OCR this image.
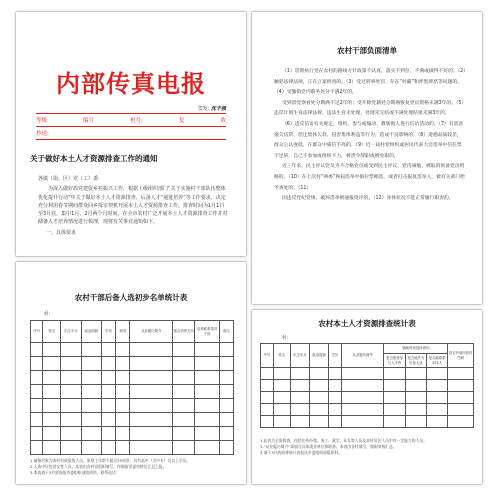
内部传真电报
签发: 沈丰强
等级	编号	机号:	复	收
抄送:
关于做好本土人才资源排查工作的通知
各镇（街、区）党（工）委:
为深入做好抓党建促乡村振兴工作，根据上级组织部门“关于实施村干部队伍整体优化提升行动”中关于做好本土人才资源排查、后备人才“递进培养”等工作要求，决定充分利用春节期间群众回乡探亲契机开展本土人才资源排查工作。排查时间为1月1日至3月底，集中1月、2月两个月时间，在全市农村广泛开展本土人才资源排查工作并对储备人才培养情况进行梳理，现将有关事宜通知如下。
一、具体要求
农村干部负面清单
（1）贯彻执行党在农村的路线方针政策不认真，落实不到位、不满或做得不好的。（2）触犯法律法规，正在立案侦查的。（3）受过刑事处罚、存在“村霸”和涉黑涉恶等问题的。（4）受撤销党内职务处分不满2年的，
受到留党察看处分期满不足2年的；受开除党籍处分期满恢复党员资格未满3年的。（5）违反计划生育法律法规，违法生育未处理、处理未完结或不满处理结果未满3年的。
（6）违反信访有关规定，组织、参与或煽动、教唆他人进行信访活动的。（7）有恶意拖欠信贷、偿还集体欠款、侵害集体利益等行为，造成不良影响的。（8）道德品质较差，群众公认度低，在群众中威信不高的。（9）近一届村党组织或居民代表大会选举中信任票不足的，自己不参加或组织不力，被责令辞职或被免职的，
近三年来，民主评议党员为不合格党员或受到民主评议、党内诫勉、被取消预备党员资格的。（10）在上次村“两委”换届选举中搞拉票贿选，或者打击报复选举人，被有关部门给予查处的。（11）
因违反党纪党规、破坏选举被通报批评的。（12）身体状况不能正常履行职责的。
农村干部后备人选初步名单统计表
村:
序号	姓名	出生年月	政治面貌	学历	职务	从业履历简介	重点培养方向	培养联系领导干部	备注

1.储备对象为本村有威望的人员，原则上年龄不超过35周岁，具有高中（含中专）及以上学历。
2.人选中应包括女性人员，本表由各村党组织填写，经镇街党委审核后汇总上报。
3.本表请于3月底前报市委组织部组织科，联系电话：
农村本土人才资源排查统计表
村:
序号	姓名	出生年月	政治面貌	学历	从业履历简介	辅助时间选择意向			是否有意向回村任职
						是否愿意参与人才库	是否能作为后备人选	是否能联系到本人	

1.此表为全面排查，包括在外经商、务工、就学、从军等人员及本村居住人员中有一定能力的人员。
2.“从业履历简介”需填写具体就业单位和职务。本表由各村填写，镇街审核汇总。
3.请于3月底前将统计表报送市委组织部组织科。
